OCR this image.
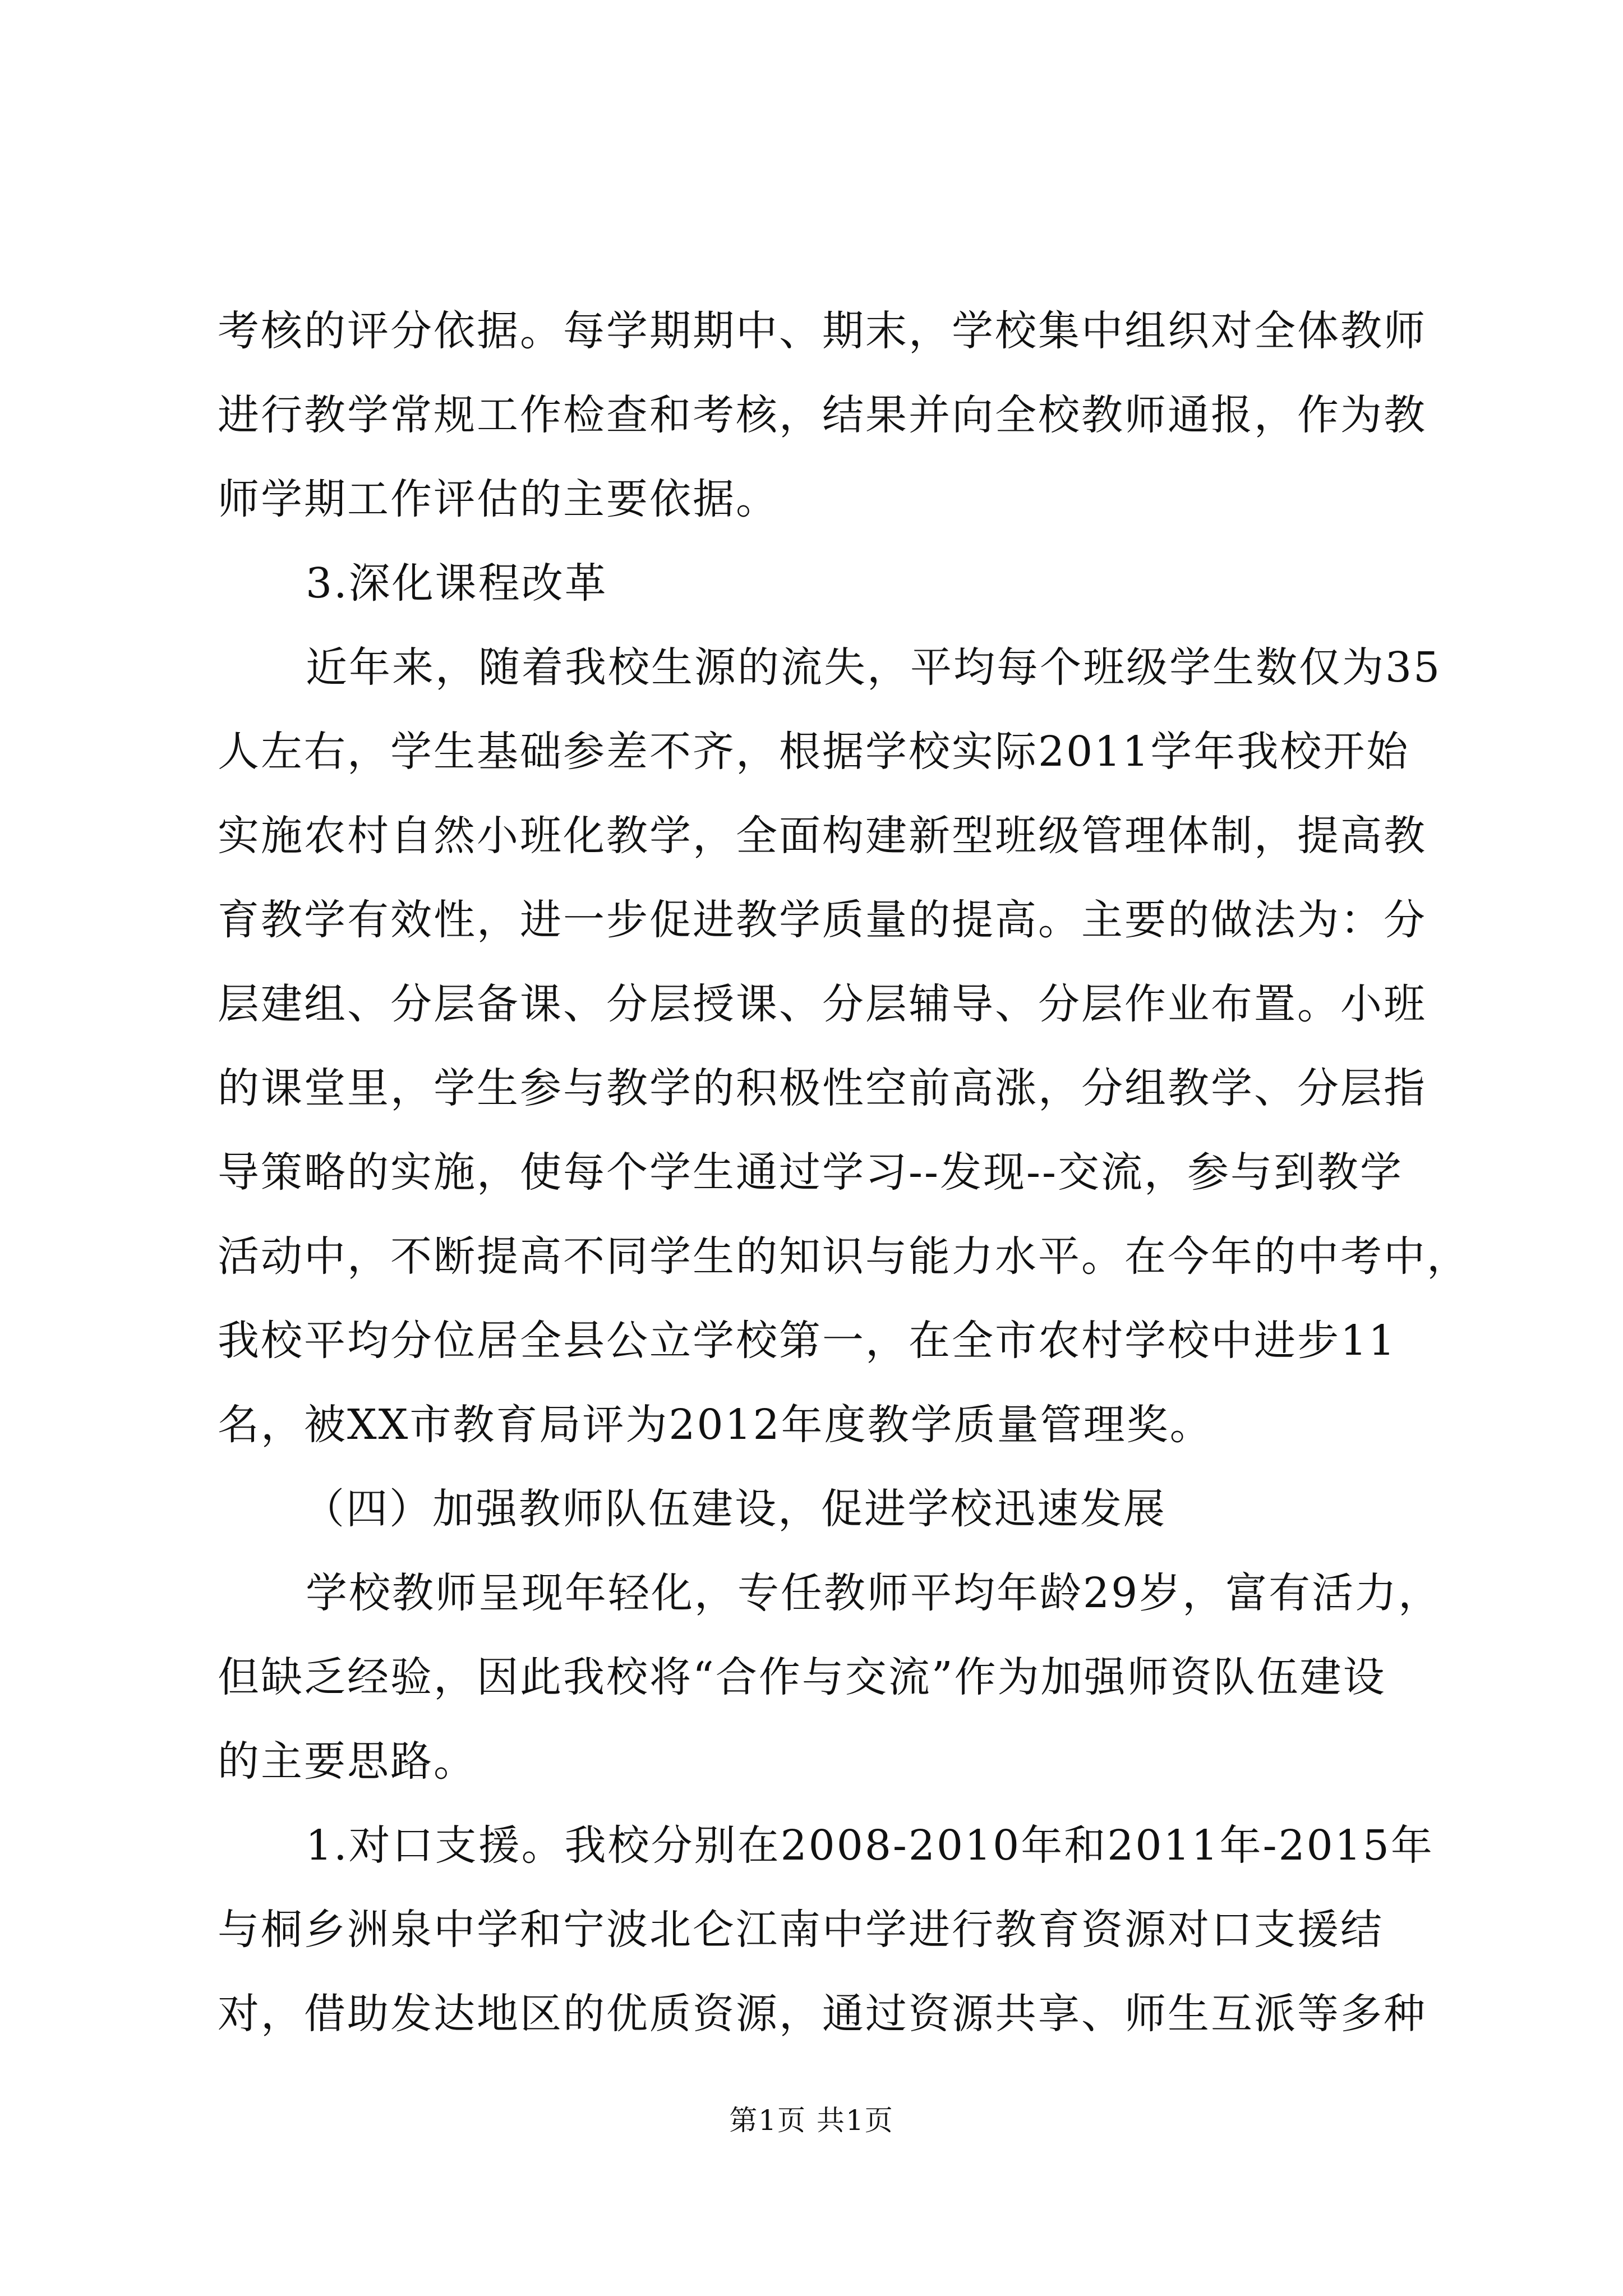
考核的评分依据。每学期期中、期末，学校集中组织对全体教师
进行教学常规工作检查和考核，结果并向全校教师通报，作为教
师学期工作评估的主要依据。
3.深化课程改革
近年来，随着我校生源的流失，平均每个班级学生数仅为35
人左右，学生基础参差不齐，根据学校实际2011学年我校开始
实施农村自然小班化教学，全面构建新型班级管理体制，提高教
育教学有效性，进一步促进教学质量的提高。主要的做法为：分
层建组、分层备课、分层授课、分层辅导、分层作业布置。小班
的课堂里，学生参与教学的积极性空前高涨，分组教学、分层指
导策略的实施，使每个学生通过学习--发现--交流，参与到教学
活动中，不断提高不同学生的知识与能力水平。在今年的中考中，
我校平均分位居全县公立学校第一，在全市农村学校中进步11
名，被XX市教育局评为2012年度教学质量管理奖。
（四）加强教师队伍建设，促进学校迅速发展
学校教师呈现年轻化，专任教师平均年龄29岁，富有活力，
但缺乏经验，因此我校将“合作与交流”作为加强师资队伍建设
的主要思路。
1.对口支援。我校分别在2008-2010年和2011年-2015年
与桐乡洲泉中学和宁波北仑江南中学进行教育资源对口支援结
对，借助发达地区的优质资源，通过资源共享、师生互派等多种
第1页 共1页
